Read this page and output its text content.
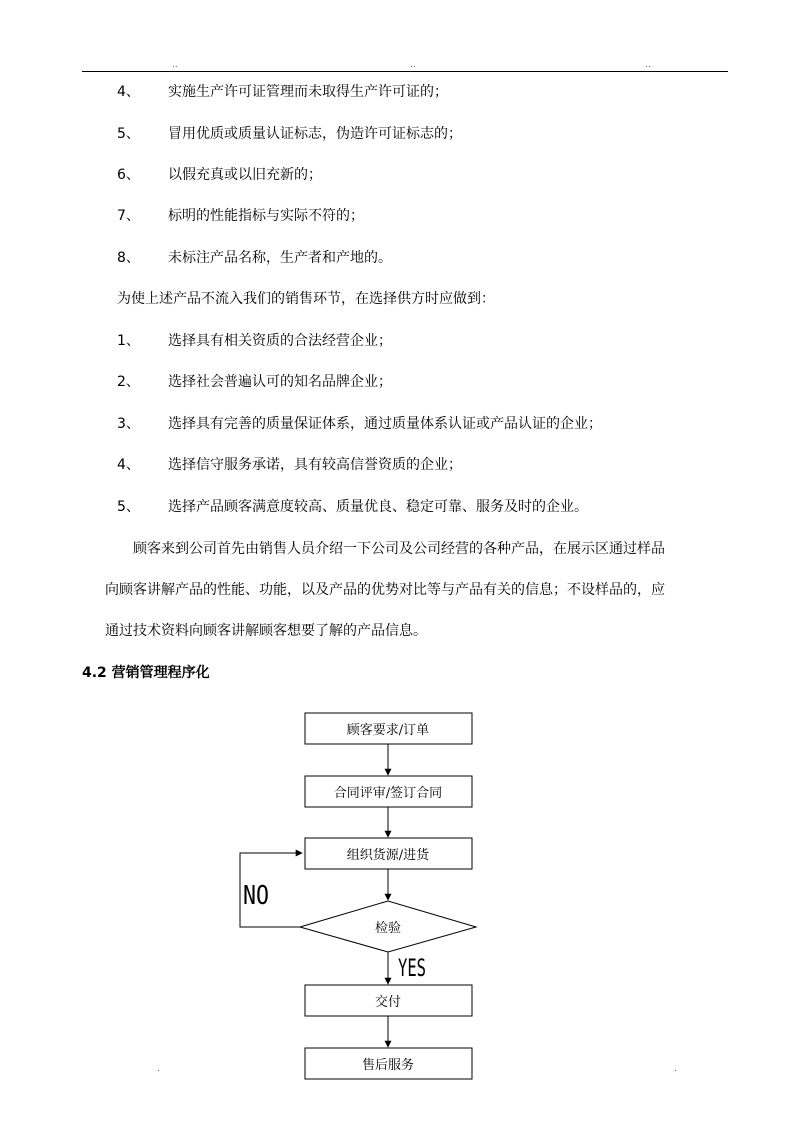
..	..	..
4、 实施生产许可证管理而未取得生产许可证的；
5、 冒用优质或质量认证标志，伪造许可证标志的；
6、 以假充真或以旧充新的；
7、 标明的性能指标与实际不符的；
8、 未标注产品名称，生产者和产地的。
为使上述产品不流入我们的销售环节，在选择供方时应做到：
1、 选择具有相关资质的合法经营企业；
2、 选择社会普遍认可的知名品牌企业；
3、 选择具有完善的质量保证体系，通过质量体系认证或产品认证的企业；
4、 选择信守服务承诺，具有较高信誉资质的企业；
5、 选择产品顾客满意度较高、质量优良、稳定可靠、服务及时的企业。
　　顾客来到公司首先由销售人员介绍一下公司及公司经营的各种产品，在展示区通过样品
向顾客讲解产品的性能、功能，以及产品的优势对比等与产品有关的信息；不设样品的，应
通过技术资料向顾客讲解顾客想要了解的产品信息。
4.2 营销管理程序化
顾客要求/订单
合同评审/签订合同
组织货源/进货
检验
NO
YES
交付
售后服务
.	.
